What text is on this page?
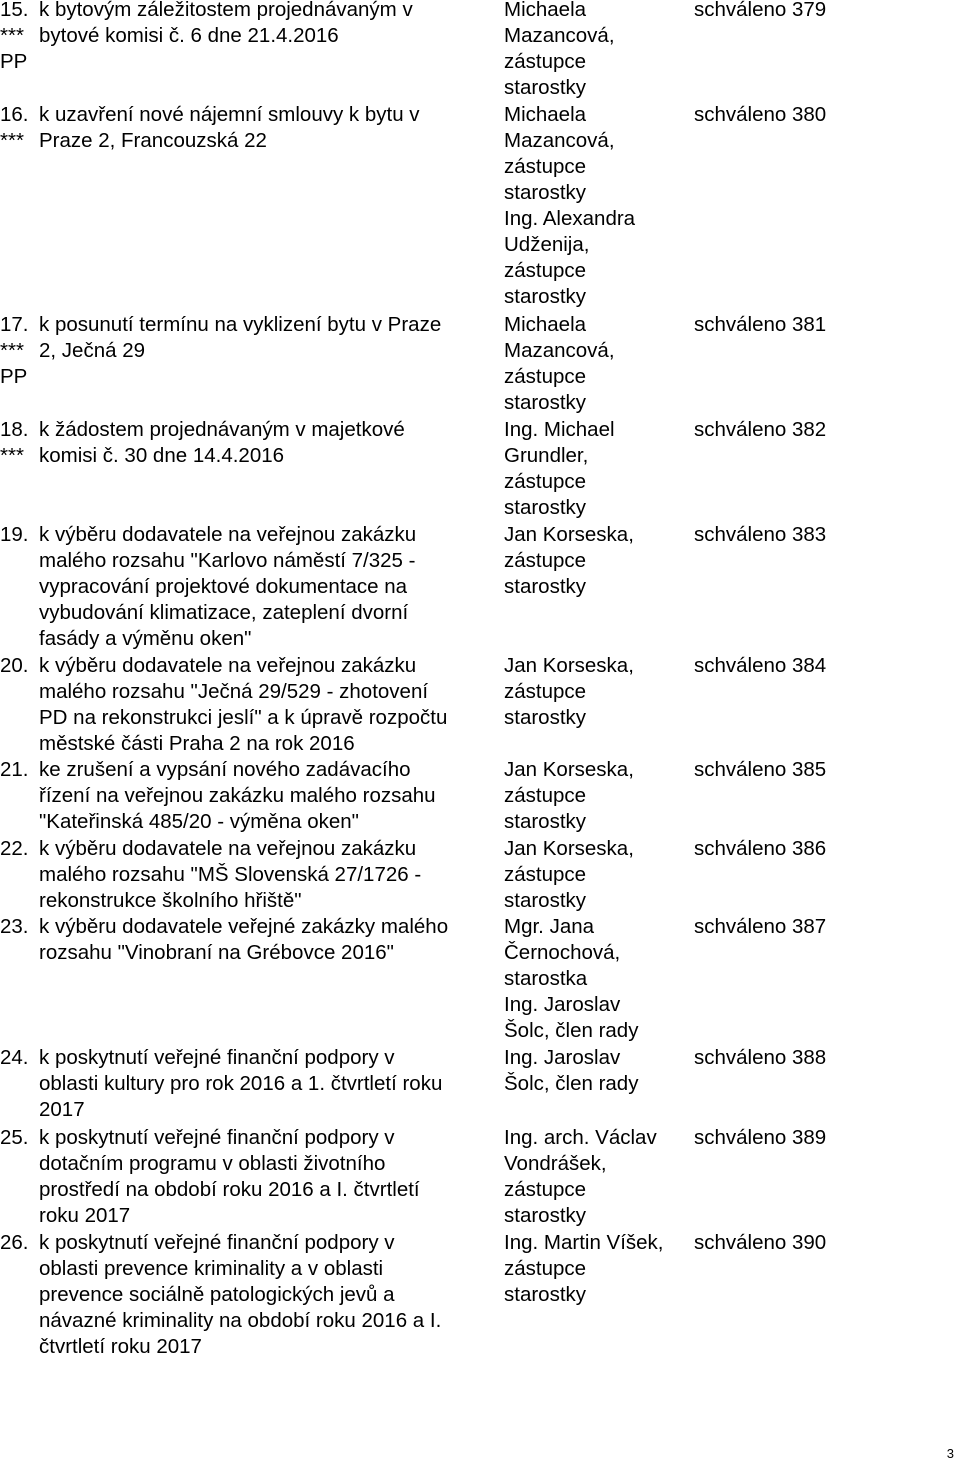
15.
***
PP
k bytovým záležitostem projednávaným v
bytové komisi č. 6 dne 21.4.2016
Michaela
Mazancová,
zástupce
starostky
schváleno 379
16.
***
k uzavření nové nájemní smlouvy k bytu v
Praze 2, Francouzská 22
Michaela
Mazancová,
zástupce
starostky
Ing. Alexandra
Udženija,
zástupce
starostky
schváleno 380
17.
***
PP
k posunutí termínu na vyklizení bytu v Praze
2, Ječná 29
Michaela
Mazancová,
zástupce
starostky
schváleno 381
18.
***
k žádostem projednávaným v majetkové
komisi č. 30 dne 14.4.2016
Ing. Michael
Grundler,
zástupce
starostky
schváleno 382
19. k výběru dodavatele na veřejnou zakázku
malého rozsahu "Karlovo náměstí 7/325 -
vypracování projektové dokumentace na
vybudování klimatizace, zateplení dvorní
fasády a výměnu oken"
Jan Korseska,
zástupce
starostky
schváleno 383
20. k výběru dodavatele na veřejnou zakázku
malého rozsahu "Ječná 29/529 - zhotovení
PD na rekonstrukci jeslí" a k úpravě rozpočtu
městské části Praha 2 na rok 2016
Jan Korseska,
zástupce
starostky
schváleno 384
21. ke zrušení a vypsání nového zadávacího
řízení na veřejnou zakázku malého rozsahu
"Kateřinská 485/20 - výměna oken"
Jan Korseska,
zástupce
starostky
schváleno 385
22. k výběru dodavatele na veřejnou zakázku
malého rozsahu "MŠ Slovenská 27/1726 -
rekonstrukce školního hřiště"
Jan Korseska,
zástupce
starostky
schváleno 386
23. k výběru dodavatele veřejné zakázky malého
rozsahu "Vinobraní na Grébovce 2016"
Mgr. Jana
Černochová,
starostka
Ing. Jaroslav
Šolc, člen rady
schváleno 387
24. k poskytnutí veřejné finanční podpory v
oblasti kultury pro rok 2016 a 1. čtvrtletí roku
2017
Ing. Jaroslav
Šolc, člen rady
schváleno 388
25. k poskytnutí veřejné finanční podpory v
dotačním programu v oblasti životního
prostředí na období roku 2016 a I. čtvrtletí
roku 2017
Ing. arch. Václav
Vondrášek,
zástupce
starostky
schváleno 389
26. k poskytnutí veřejné finanční podpory v
oblasti prevence kriminality a v oblasti
prevence sociálně patologických jevů a
návazné kriminality na období roku 2016 a I.
čtvrtletí roku 2017
Ing. Martin Víšek,
zástupce
starostky
schváleno 390
3
